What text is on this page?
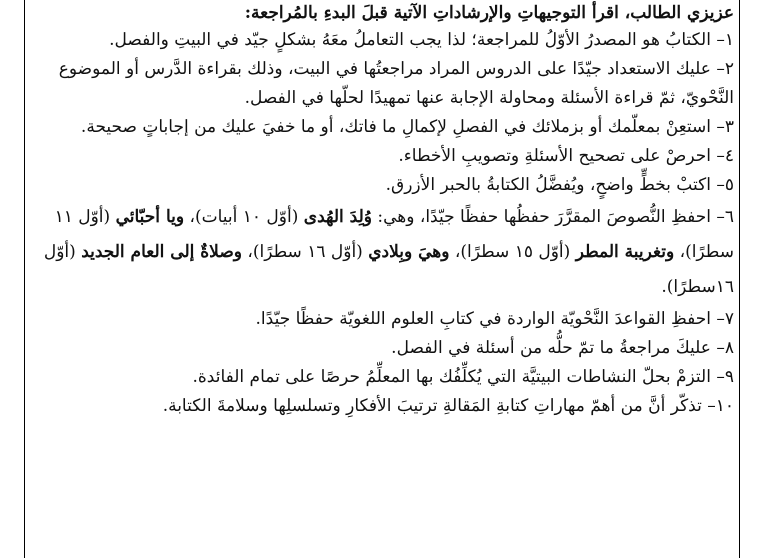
عزيزي الطالب، اقرأ التوجيهاتِ والإرشاداتِ الآتية قبلَ البدءِ بالمُراجعة:

١– الكتابُ هو المصدرُ الأوّلُ للمراجعة؛ لذا يجب التعاملُ معَهُ بشكلٍ جيّد في البيتِ والفصل.

٢– عليك الاستعداد جيّدًا على الدروس المراد مراجعتُها في البيت، وذلك بقراءة الدَّرس أو الموضوع النَّحْويّ، ثمّ قراءة الأسئلة ومحاولة الإجابة عنها تمهيدًا لحلّها في الفصل.

٣– استعِنْ بمعلّمك أو بزملائك في الفصلِ لإكمالِ ما فاتك، أو ما خفيَ عليك من إجاباتٍ صحيحة.

٤– احرصْ على تصحيح الأسئلةِ وتصويبِ الأخطاء.

٥– اكتبْ بخطٍّ واضحٍ، ويُفضَّلُ الكتابةُ بالحبر الأزرق.

٦– احفظِ النُّصوصَ المقرَّرَ حفظُها حفظًا جيّدًا، وهي: وُلِدَ الهُدى (أوّل ١٠ أبيات)، ويا أحبّائي (أوّل ١١ سطرًا)، وتغريبة المطر (أوّل ١٥ سطرًا)، وهيَ وبِلادي (أوّل ١٦ سطرًا)، وصلاةٌ إلى العام الجديد (أوّل ١٦سطرًا).

٧– احفظِ القواعدَ النَّحْويّة الواردة في كتابِ العلوم اللغويّة حفظًا جيّدًا.

٨– عليكَ مراجعةُ ما تمّ حلُّه من أسئلة في الفصل.

٩– التزمْ بحلّ النشاطات البيتيَّة التي يُكلِّفُك بها المعلِّمُ حرصًا على تمام الفائدة.

١٠– تذكّر أنَّ من أهمّ مهاراتِ كتابةِ المَقالةِ ترتيبَ الأفكارِ وتسلسلِها وسلامةَ الكتابة.
